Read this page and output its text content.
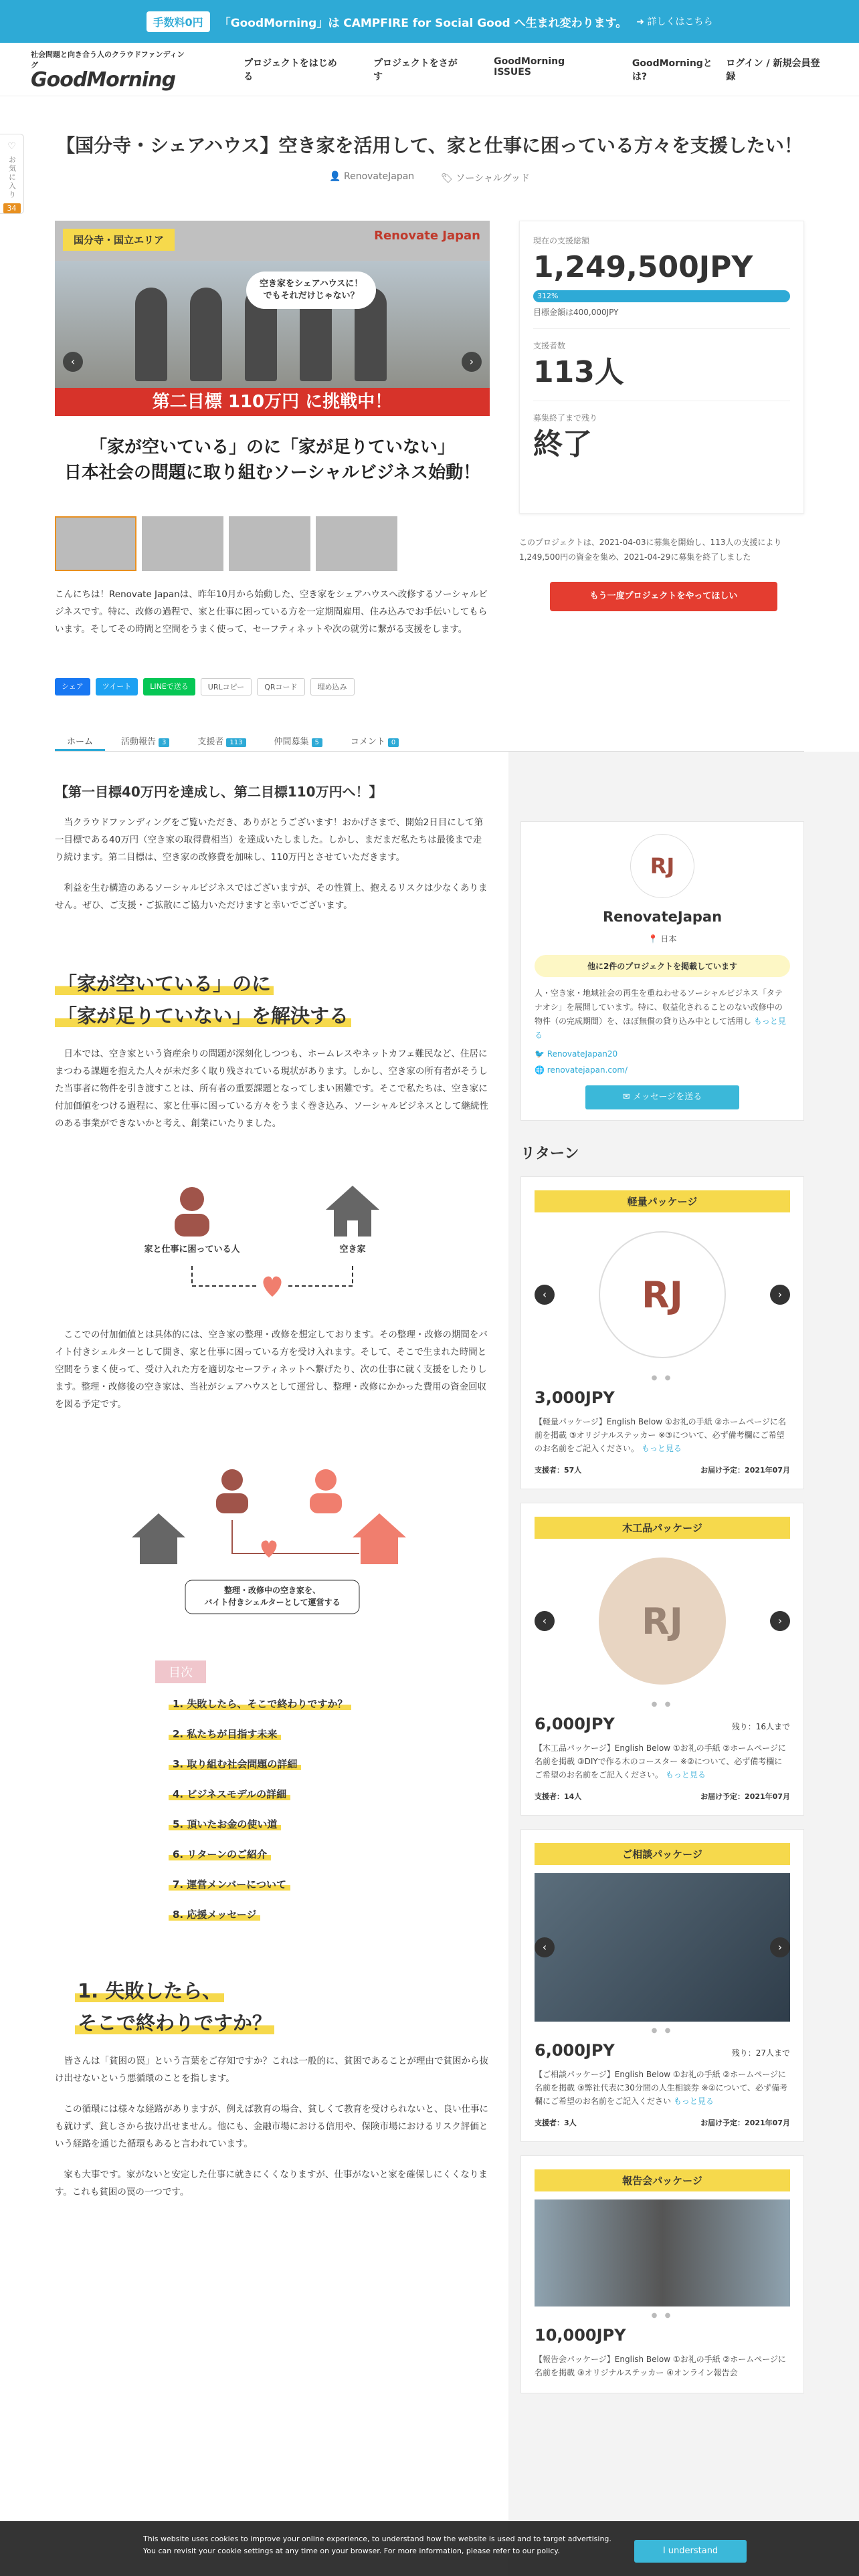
手数料0円	「GoodMorning」は CAMPFIRE for Social Good へ生まれ変わります。 ➜ 詳しくはこちら
社会問題と向き合う人のクラウドファンディング
GoodMorning
プロジェクトをはじめる
プロジェクトをさがす
GoodMorning ISSUES
GoodMorningとは?
ログイン / 新規会員登録
♡
お気に入り
34
【国分寺・シェアハウス】空き家を活用して、家と仕事に困っている方々を支援したい！
👤 RenovateJapan	🏷 ソーシャルグッド
国分寺・国立エリア	Renovate Japan
空き家をシェアハウスに！
でもそれだけじゃない？
第二目標 110万円 に挑戦中！
「家が空いている」のに「家が足りていない」
日本社会の問題に取り組むソーシャルビジネス始動！
‹	›

こんにちは！Renovate Japanは、昨年10月から始動した、空き家をシェアハウスへ改修するソーシャルビジネスです。特に、改修の過程で、家と仕事に困っている方を一定期間雇用、住み込みでお手伝いしてもらいます。そしてその時間と空間をうまく使って、セーフティネットや次の就労に繋がる支援をします。

シェア	ツイート	LINEで送る	URLコピー	QRコード	埋め込み
現在の支援総額
1,249,500JPY
312%
目標金額は400,000JPY
支援者数
113人
募集終了まで残り
終了

このプロジェクトは、2021-04-03に募集を開始し、113人の支援により1,249,500円の資金を集め、2021-04-29に募集を終了しました

もう一度プロジェクトをやってほしい
ホーム	活動報告 3	支援者 113	仲間募集 5	コメント 0
【第一目標40万円を達成し、第二目標110万円へ！】

当クラウドファンディングをご覧いただき、ありがとうございます！おかげさまで、開始2日目にして第一目標である40万円（空き家の取得費相当）を達成いたしました。しかし、まだまだ私たちは最後まで走り続けます。第二目標は、空き家の改修費を加味し、110万円とさせていただきます。

利益を生む構造のあるソーシャルビジネスではございますが、その性質上、抱えるリスクは少なくありません。ぜひ、ご支援・ご拡散にご協力いただけますと幸いでございます。

「家が空いている」のに
「家が足りていない」を解決する

日本では、空き家という資産余りの問題が深刻化しつつも、ホームレスやネットカフェ難民など、住居にまつわる課題を抱えた人々が未だ多く取り残されている現状があります。しかし、空き家の所有者がそうした当事者に物件を引き渡すことは、所有者の重要課題となってしまい困難です。そこで私たちは、空き家に付加価値をつける過程に、家と仕事に困っている方々をうまく巻き込み、ソーシャルビジネスとして継続性のある事業ができないかと考え、創業にいたりました。

家と仕事に困っている人	空き家

ここでの付加価値とは具体的には、空き家の整理・改修を想定しております。その整理・改修の期間をバイト付きシェルターとして開き、家と仕事に困っている方を受け入れます。そして、そこで生まれた時間と空間をうまく使って、受け入れた方を適切なセーフティネットへ繋げたり、次の仕事に就く支援をしたりします。整理・改修後の空き家は、当社がシェアハウスとして運営し、整理・改修にかかった費用の資金回収を図る予定です。

整理・改修中の空き家を、
バイト付きシェルターとして運営する
目次
1. 失敗したら、そこで終わりですか？
2. 私たちが目指す未来
3. 取り組む社会問題の詳細
4. ビジネスモデルの詳細
5. 頂いたお金の使い道
6. リターンのご紹介
7. 運営メンバーについて
8. 応援メッセージ
1. 失敗したら、
そこで終わりですか？

皆さんは「貧困の罠」という言葉をご存知ですか？これは一般的に、貧困であることが理由で貧困から抜け出せないという悪循環のことを指します。

この循環には様々な経路がありますが、例えば教育の場合、貧しくて教育を受けられないと、良い仕事にも就けず、貧しさから抜け出せません。他にも、金融市場における信用や、保険市場におけるリスク評価という経路を通じた循環もあると言われています。

家も大事です。家がないと安定した仕事に就きにくくなりますが、仕事がないと家を確保しにくくなります。これも貧困の罠の一つです。

RJ
RenovateJapan
📍 日本
他に2件のプロジェクトを掲載しています

人・空き家・地域社会の再生を重ねわせるソーシャルビジネス「タテナオシ」を展開しています。特に、収益化されることのない改修中の物件（の完成期間）を、ほぼ無償の貸り込み中として活用し もっと見る

🐦 RenovateJapan20
🌐 renovatejapan.com/
✉ メッセージを送る
リターン
軽量パッケージ
RJ
‹	›
● ●
3,000JPY

【軽量パッケージ】English Below ①お礼の手紙 ②ホームページに名前を掲載 ③オリジナルステッカー ※③について、必ず備考欄にご希望のお名前をご記入ください。 もっと見る

支援者：57人	お届け予定：2021年07月
木工品パッケージ
RJ
‹	›
● ●
6,000JPY	残り：16人まで

【木工品パッケージ】English Below ①お礼の手紙 ②ホームページに名前を掲載 ③DIYで作る木のコースター ※②について、必ず備考欄にご希望のお名前をご記入ください。 もっと見る

支援者：14人	お届け予定：2021年07月
ご相談パッケージ
‹	›
● ●
6,000JPY	残り：27人まで

【ご相談パッケージ】English Below ①お礼の手紙 ②ホームページに名前を掲載 ③弊社代表に30分間の人生相談券 ※②について、必ず備考欄にご希望のお名前をご記入ください もっと見る

支援者：3人	お届け予定：2021年07月
報告会パッケージ
● ●
10,000JPY

【報告会パッケージ】English Below ①お礼の手紙 ②ホームページに名前を掲載 ③オリジナルステッカー ④オンライン報告会

This website uses cookies to improve your online experience, to understand how the website is used and to target advertising.
You can revisit your cookie settings at any time on your browser. For more information, please refer to our policy.	I understand
